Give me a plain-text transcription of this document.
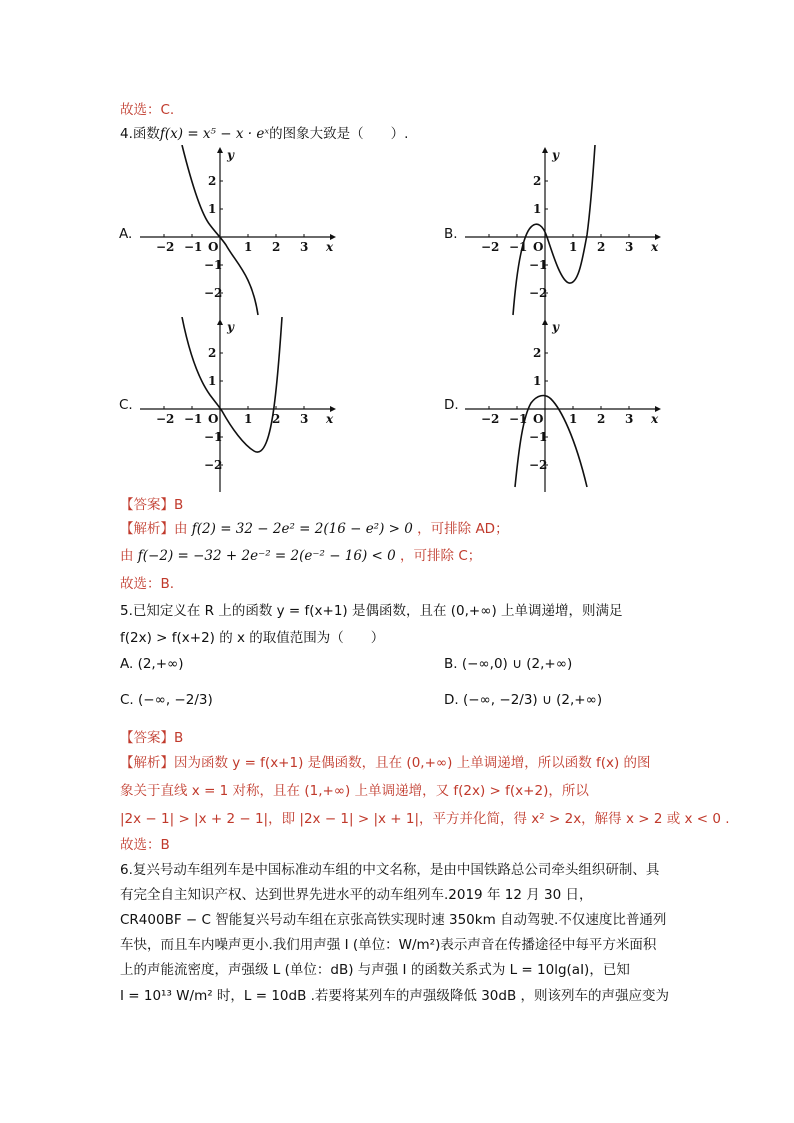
故选：C.
4.函数f(x) = x⁵ − x · eˣ的图象大致是（　　）.
A.	B.
C.	D.
−2 −1	1 2 3
2
1
−1
−2
O	x
y
−2 −1	1 2 3
2
1
−1
−2
O	x
y
−2 −1	1 2 3
2
1
−1
−2
O	x
y
−2 −1	1 2 3
2
1
−1
−2
O	x
y
【答案】B
【解析】由 f(2) = 32 − 2e² = 2(16 − e²) > 0 ，可排除 AD；
由 f(−2) = −32 + 2e⁻² = 2(e⁻² − 16) < 0 ，可排除 C；
故选：B.
5.已知定义在 R 上的函数 y = f(x+1) 是偶函数，且在 (0,+∞) 上单调递增，则满足
f(2x) > f(x+2) 的 x 的取值范围为（　　）
A. (2,+∞)	B. (−∞,0) ∪ (2,+∞)
C. (−∞, −2/3)	D. (−∞, −2/3) ∪ (2,+∞)
【答案】B
【解析】因为函数 y = f(x+1) 是偶函数，且在 (0,+∞) 上单调递增，所以函数 f(x) 的图
象关于直线 x = 1 对称，且在 (1,+∞) 上单调递增，又 f(2x) > f(x+2)，所以
|2x − 1| > |x + 2 − 1|，即 |2x − 1| > |x + 1|，平方并化简，得 x² > 2x，解得 x > 2 或 x < 0 .
故选：B
6.复兴号动车组列车是中国标准动车组的中文名称，是由中国铁路总公司牵头组织研制、具
有完全自主知识产权、达到世界先进水平的动车组列车.2019 年 12 月 30 日，
CR400BF − C 智能复兴号动车组在京张高铁实现时速 350km 自动驾驶.不仅速度比普通列
车快，而且车内噪声更小.我们用声强 I (单位：W/m²)表示声音在传播途径中每平方米面积
上的声能流密度，声强级 L (单位：dB) 与声强 I 的函数关系式为 L = 10lg(aI)，已知
I = 10¹³ W/m² 时，L = 10dB .若要将某列车的声强级降低 30dB ，则该列车的声强应变为
